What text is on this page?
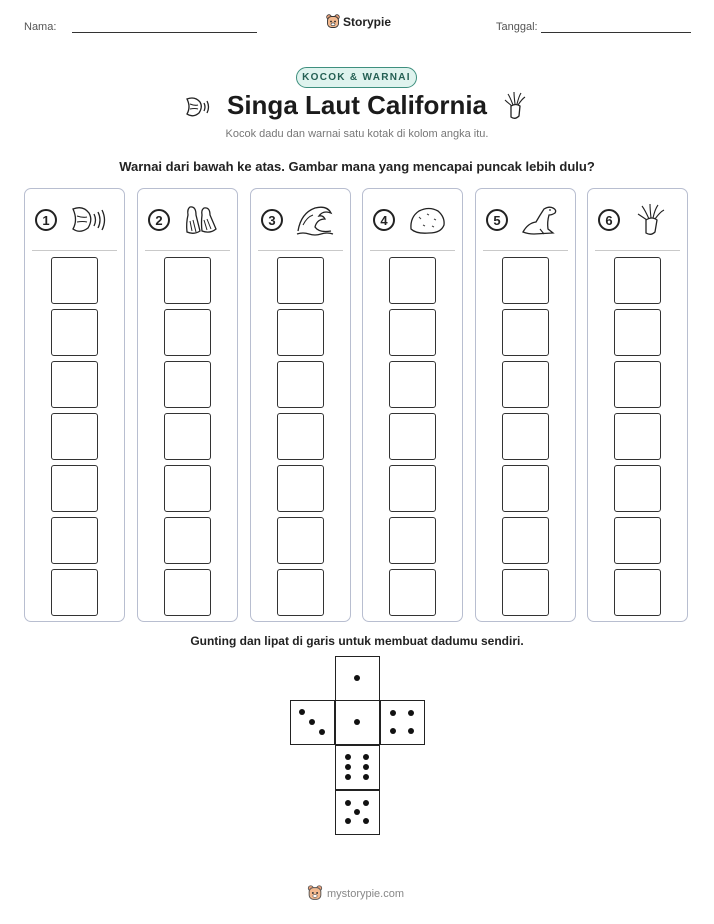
Nama:	Storypie	Tanggal:
KOCOK & WARNAI
Singa Laut California
Kocok dadu dan warnai satu kotak di kolom angka itu.
Warnai dari bawah ke atas. Gambar mana yang mencapai puncak lebih dulu?
1	2	3	4	5	6
Gunting dan lipat di garis untuk membuat dadumu sendiri.
mystorypie.com
